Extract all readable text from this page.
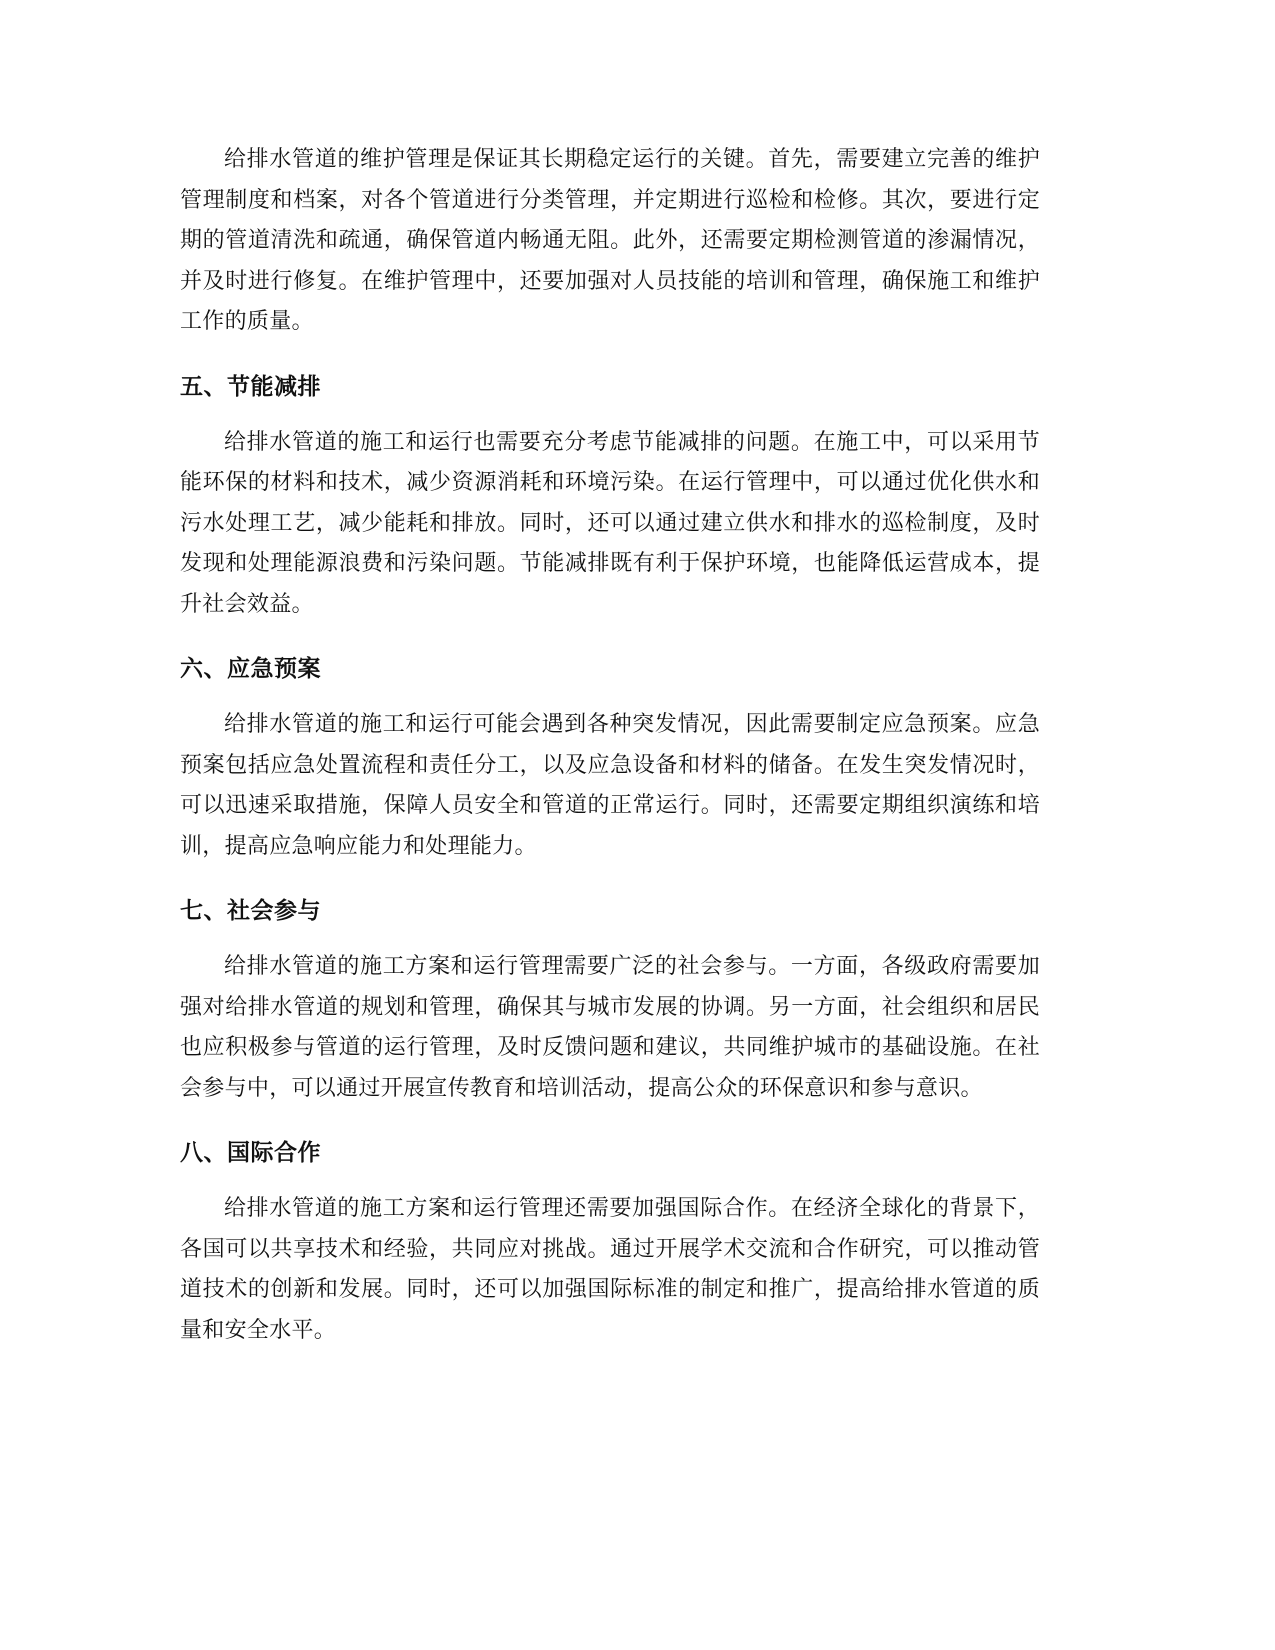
给排水管道的维护管理是保证其长期稳定运行的关键。首先，需要建立完善的维护管理制度和档案，对各个管道进行分类管理，并定期进行巡检和检修。其次，要进行定期的管道清洗和疏通，确保管道内畅通无阻。此外，还需要定期检测管道的渗漏情况，并及时进行修复。在维护管理中，还要加强对人员技能的培训和管理，确保施工和维护工作的质量。

五、节能减排

给排水管道的施工和运行也需要充分考虑节能减排的问题。在施工中，可以采用节能环保的材料和技术，减少资源消耗和环境污染。在运行管理中，可以通过优化供水和污水处理工艺，减少能耗和排放。同时，还可以通过建立供水和排水的巡检制度，及时发现和处理能源浪费和污染问题。节能减排既有利于保护环境，也能降低运营成本，提升社会效益。

六、应急预案

给排水管道的施工和运行可能会遇到各种突发情况，因此需要制定应急预案。应急预案包括应急处置流程和责任分工，以及应急设备和材料的储备。在发生突发情况时，可以迅速采取措施，保障人员安全和管道的正常运行。同时，还需要定期组织演练和培训，提高应急响应能力和处理能力。

七、社会参与

给排水管道的施工方案和运行管理需要广泛的社会参与。一方面，各级政府需要加强对给排水管道的规划和管理，确保其与城市发展的协调。另一方面，社会组织和居民也应积极参与管道的运行管理，及时反馈问题和建议，共同维护城市的基础设施。在社会参与中，可以通过开展宣传教育和培训活动，提高公众的环保意识和参与意识。

八、国际合作

给排水管道的施工方案和运行管理还需要加强国际合作。在经济全球化的背景下，各国可以共享技术和经验，共同应对挑战。通过开展学术交流和合作研究，可以推动管道技术的创新和发展。同时，还可以加强国际标准的制定和推广，提高给排水管道的质量和安全水平。
